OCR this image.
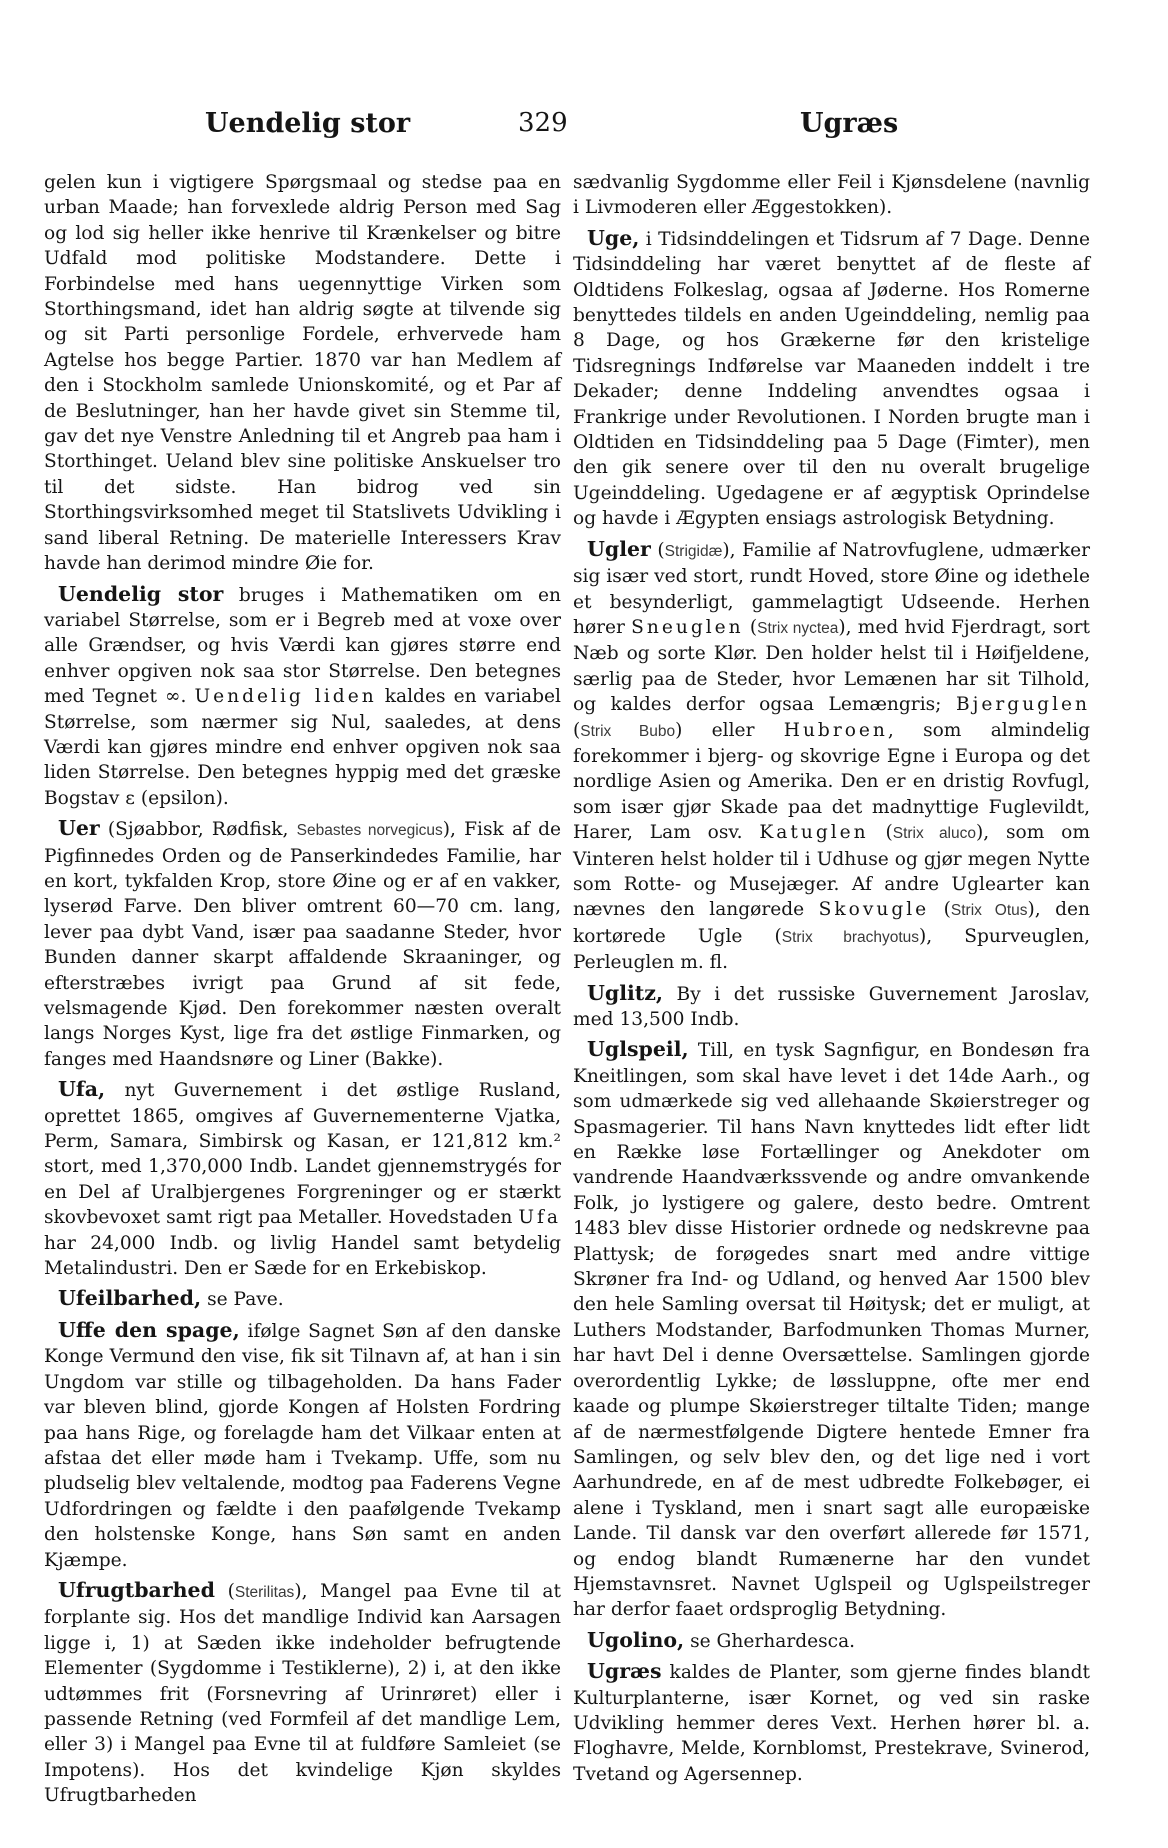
Uendelig stor	329	Ugræs

gelen kun i vigtigere Spørgsmaal og stedse paa en urban Maade; han forvexlede aldrig Person med Sag og lod sig heller ikke henrive til Krænkelser og bitre Udfald mod politiske Modstandere. Dette i Forbindelse med hans uegennyttige Virken som Storthingsmand, idet han aldrig søgte at tilvende sig og sit Parti personlige Fordele, erhvervede ham Agtelse hos begge Partier. 1870 var han Medlem af den i Stockholm samlede Unionskomité, og et Par af de Beslutninger, han her havde givet sin Stemme til, gav det nye Venstre Anledning til et Angreb paa ham i Storthinget. Ueland blev sine politiske Anskuelser tro til det sidste. Han bidrog ved sin Storthingsvirksomhed meget til Statslivets Udvikling i sand liberal Retning. De materielle Interessers Krav havde han derimod mindre Øie for.

Uendelig stor bruges i Mathematiken om en variabel Størrelse, som er i Begreb med at voxe over alle Grændser, og hvis Værdi kan gjøres større end enhver opgiven nok saa stor Størrelse. Den betegnes med Tegnet ∞. Uendelig liden kaldes en variabel Størrelse, som nærmer sig Nul, saaledes, at dens Værdi kan gjøres mindre end enhver opgiven nok saa liden Størrelse. Den betegnes hyppig med det græske Bogstav ε (epsilon).

Uer (Sjøabbor, Rødfisk, Sebastes norvegicus), Fisk af de Pigfinnedes Orden og de Panserkindedes Familie, har en kort, tykfalden Krop, store Øine og er af en vakker, lyserød Farve. Den bliver omtrent 60—70 cm. lang, lever paa dybt Vand, især paa saadanne Steder, hvor Bunden danner skarpt affaldende Skraaninger, og efterstræbes ivrigt paa Grund af sit fede, velsmagende Kjød. Den forekommer næsten overalt langs Norges Kyst, lige fra det østlige Finmarken, og fanges med Haandsnøre og Liner (Bakke).

Ufa, nyt Guvernement i det østlige Rusland, oprettet 1865, omgives af Guvernementerne Vjatka, Perm, Samara, Simbirsk og Kasan, er 121,812 km.² stort, med 1,370,000 Indb. Landet gjennemstrygés for en Del af Uralbjergenes Forgreninger og er stærkt skovbevoxet samt rigt paa Metaller. Hovedstaden Ufa har 24,000 Indb. og livlig Handel samt betydelig Metalindustri. Den er Sæde for en Erkebiskop.

Ufeilbarhed, se Pave.

Uffe den spage, ifølge Sagnet Søn af den danske Konge Vermund den vise, fik sit Tilnavn af, at han i sin Ungdom var stille og tilbageholden. Da hans Fader var bleven blind, gjorde Kongen af Holsten Fordring paa hans Rige, og forelagde ham det Vilkaar enten at afstaa det eller møde ham i Tvekamp. Uffe, som nu pludselig blev veltalende, modtog paa Faderens Vegne Udfordringen og fældte i den paafølgende Tvekamp den holstenske Konge, hans Søn samt en anden Kjæmpe.

Ufrugtbarhed (Sterilitas), Mangel paa Evne til at forplante sig. Hos det mandlige Individ kan Aarsagen ligge i, 1) at Sæden ikke indeholder befrugtende Elementer (Sygdomme i Testiklerne), 2) i, at den ikke udtømmes frit (Forsnevring af Urinrøret) eller i passende Retning (ved Formfeil af det mandlige Lem, eller 3) i Mangel paa Evne til at fuldføre Samleiet (se Impotens). Hos det kvindelige Kjøn skyldes Ufrugtbarheden

sædvanlig Sygdomme eller Feil i Kjønsdelene (navnlig i Livmoderen eller Æggestokken).

Uge, i Tidsinddelingen et Tidsrum af 7 Dage. Denne Tidsinddeling har været benyttet af de fleste af Oldtidens Folkeslag, ogsaa af Jøderne. Hos Romerne benyttedes tildels en anden Ugeinddeling, nemlig paa 8 Dage, og hos Grækerne før den kristelige Tidsregnings Indførelse var Maaneden inddelt i tre Dekader; denne Inddeling anvendtes ogsaa i Frankrige under Revolutionen. I Norden brugte man i Oldtiden en Tidsinddeling paa 5 Dage (Fimter), men den gik senere over til den nu overalt brugelige Ugeinddeling. Ugedagene er af ægyptisk Oprindelse og havde i Ægypten ensiags astrologisk Betydning.

Ugler (Strigidæ), Familie af Natrovfuglene, udmærker sig især ved stort, rundt Hoved, store Øine og idethele et besynderligt, gammelagtigt Udseende. Herhen hører Sneuglen (Strix nyctea), med hvid Fjerdragt, sort Næb og sorte Klør. Den holder helst til i Høifjeldene, særlig paa de Steder, hvor Lemænen har sit Tilhold, og kaldes derfor ogsaa Lemængris; Bjerguglen (Strix Bubo) eller Hubroen, som almindelig forekommer i bjerg- og skovrige Egne i Europa og det nordlige Asien og Amerika. Den er en dristig Rovfugl, som især gjør Skade paa det madnyttige Fuglevildt, Harer, Lam osv. Katuglen (Strix aluco), som om Vinteren helst holder til i Udhuse og gjør megen Nytte som Rotte- og Musejæger. Af andre Uglearter kan nævnes den langørede Skovugle (Strix Otus), den kortørede Ugle (Strix brachyotus), Spurveuglen, Perleuglen m. fl.

Uglitz, By i det russiske Guvernement Jaroslav, med 13,500 Indb.

Uglspeil, Till, en tysk Sagnfigur, en Bondesøn fra Kneitlingen, som skal have levet i det 14de Aarh., og som udmærkede sig ved allehaande Skøierstreger og Spasmagerier. Til hans Navn knyttedes lidt efter lidt en Række løse Fortællinger og Anekdoter om vandrende Haandværkssvende og andre omvankende Folk, jo lystigere og galere, desto bedre. Omtrent 1483 blev disse Historier ordnede og nedskrevne paa Plattysk; de forøgedes snart med andre vittige Skrøner fra Ind- og Udland, og henved Aar 1500 blev den hele Samling oversat til Høitysk; det er muligt, at Luthers Modstander, Barfodmunken Thomas Murner, har havt Del i denne Oversættelse. Samlingen gjorde overordentlig Lykke; de løssluppne, ofte mer end kaade og plumpe Skøierstreger tiltalte Tiden; mange af de nærmestfølgende Digtere hentede Emner fra Samlingen, og selv blev den, og det lige ned i vort Aarhundrede, en af de mest udbredte Folkebøger, ei alene i Tyskland, men i snart sagt alle europæiske Lande. Til dansk var den overført allerede før 1571, og endog blandt Rumænerne har den vundet Hjemstavnsret. Navnet Uglspeil og Uglspeilstreger har derfor faaet ordsproglig Betydning.

Ugolino, se Gherhardesca.

Ugræs kaldes de Planter, som gjerne findes blandt Kulturplanterne, især Kornet, og ved sin raske Udvikling hemmer deres Vext. Herhen hører bl. a. Floghavre, Melde, Kornblomst, Prestekrave, Svinerod, Tvetand og Agersennep.
